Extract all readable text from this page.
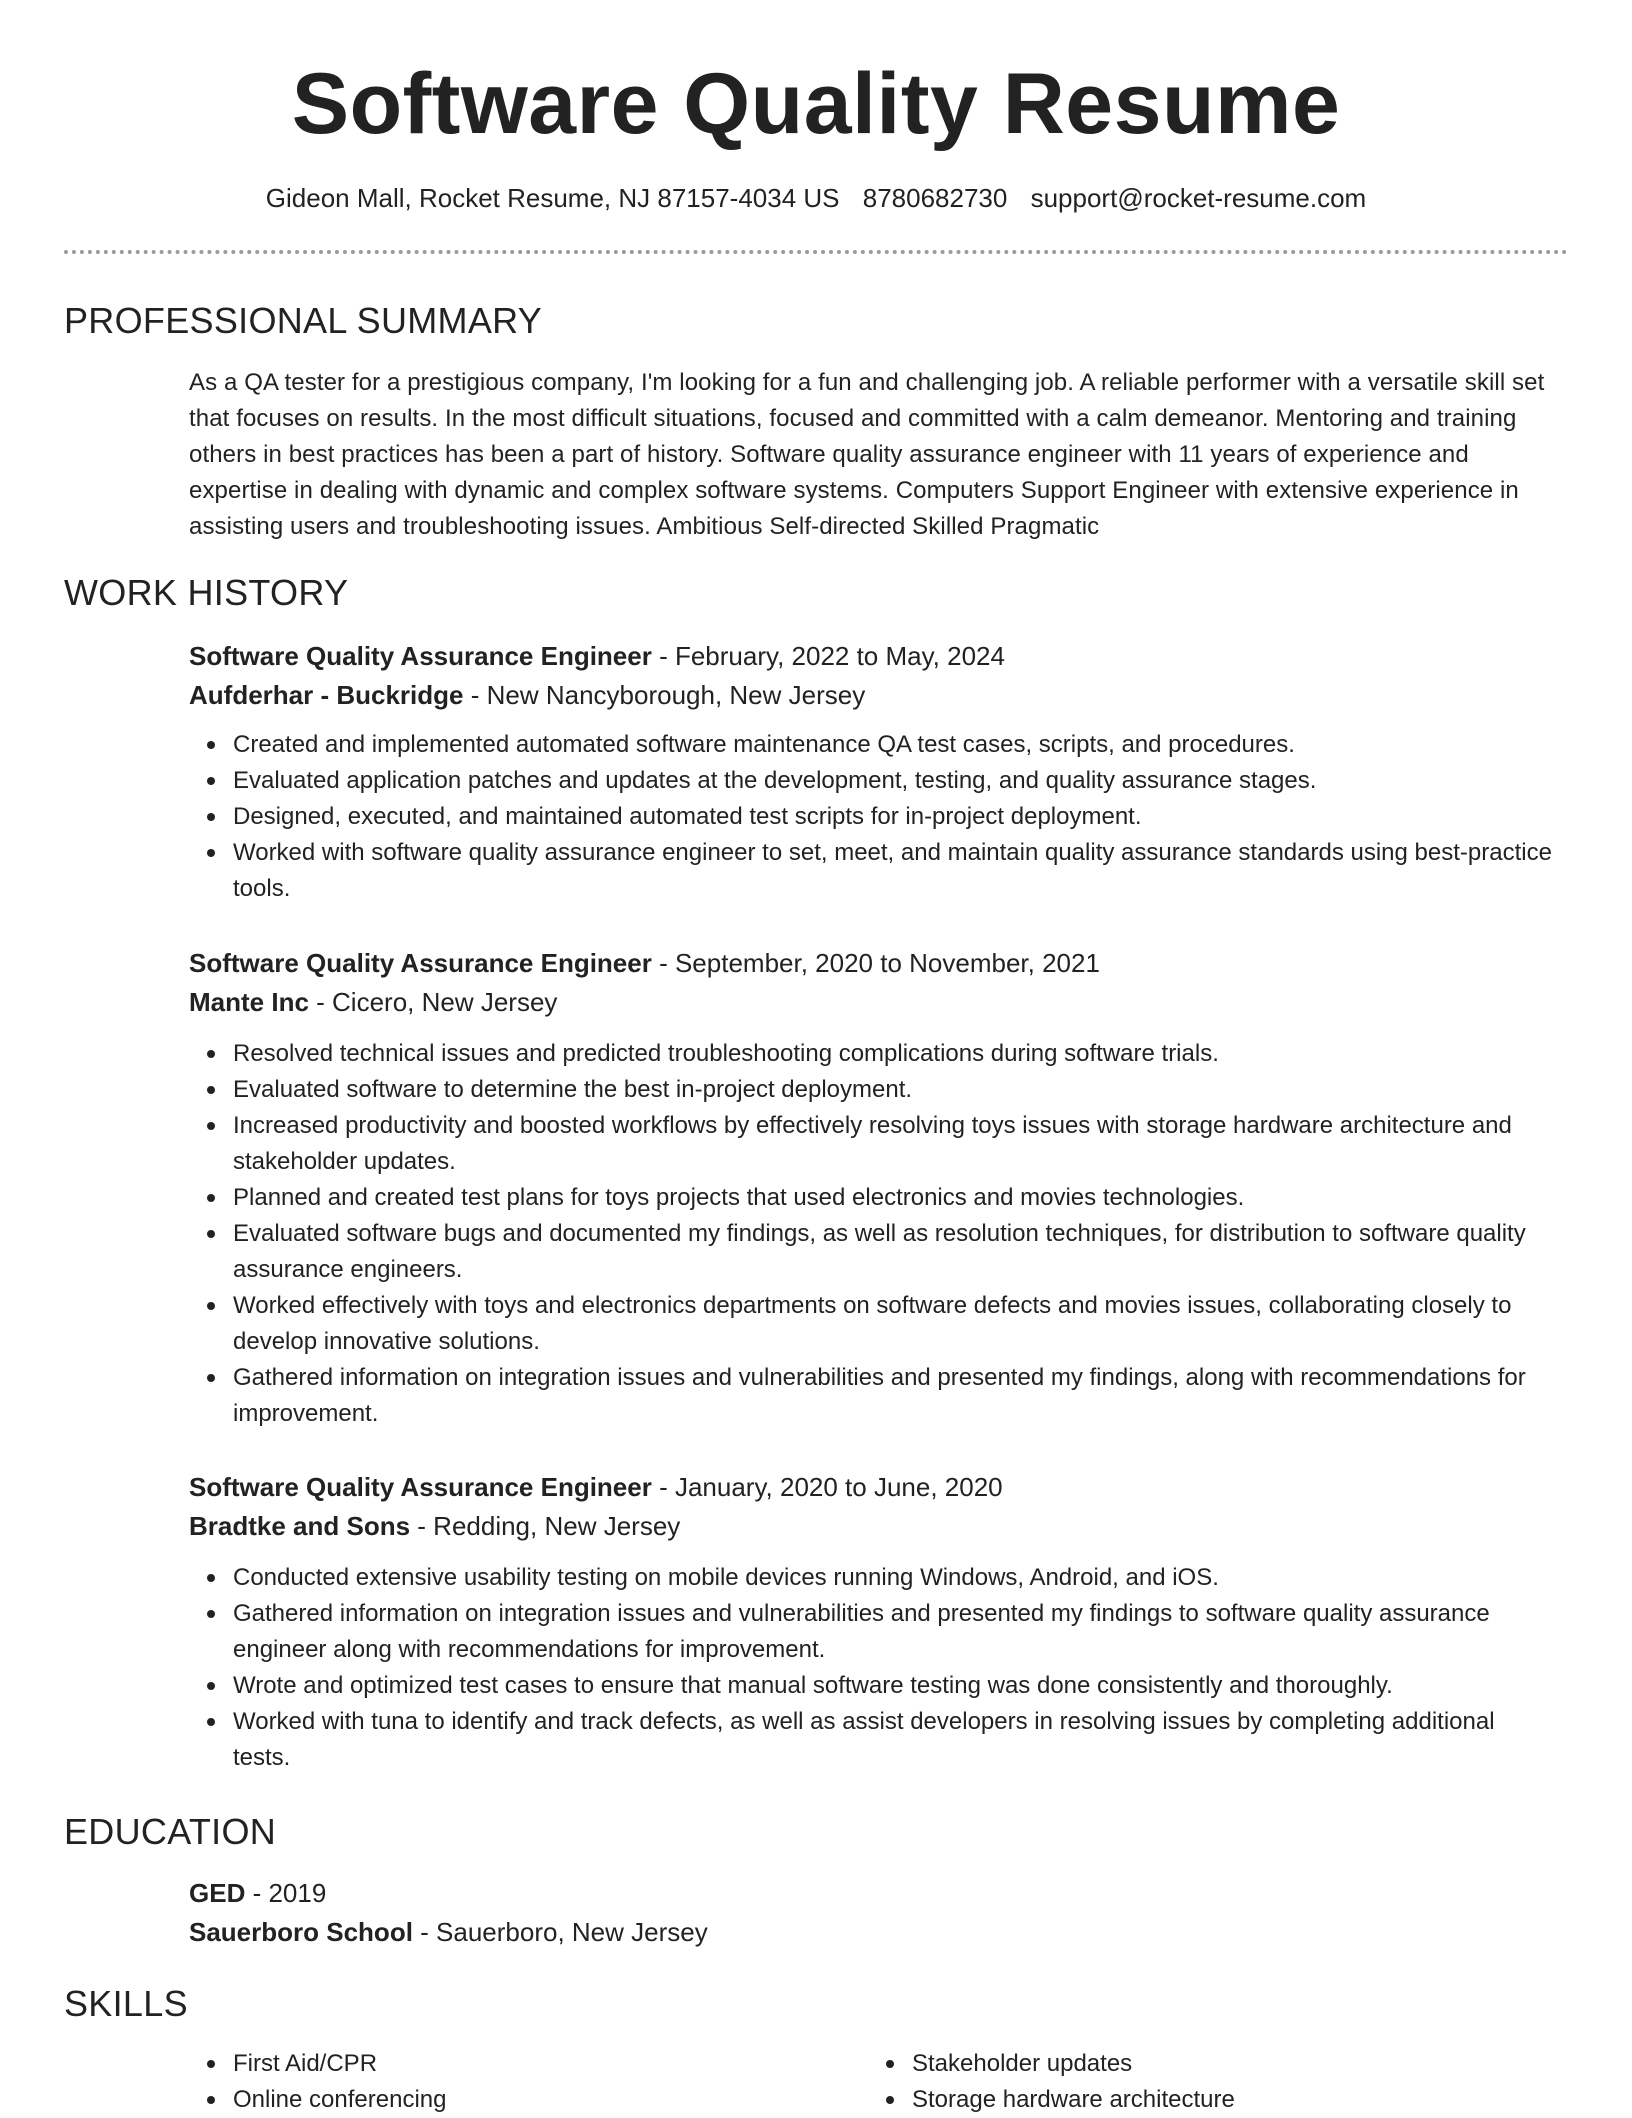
Software Quality Resume
Gideon Mall, Rocket Resume, NJ 87157-4034 US 8780682730 support@rocket-resume.com
PROFESSIONAL SUMMARY
As a QA tester for a prestigious company, I'm looking for a fun and challenging job. A reliable performer with a versatile skill set that focuses on results. In the most difficult situations, focused and committed with a calm demeanor. Mentoring and training others in best practices has been a part of history. Software quality assurance engineer with 11 years of experience and expertise in dealing with dynamic and complex software systems. Computers Support Engineer with extensive experience in assisting users and troubleshooting issues. Ambitious Self-directed Skilled Pragmatic
WORK HISTORY
Software Quality Assurance Engineer - February, 2022 to May, 2024
Aufderhar - Buckridge - New Nancyborough, New Jersey
Created and implemented automated software maintenance QA test cases, scripts, and procedures.
Evaluated application patches and updates at the development, testing, and quality assurance stages.
Designed, executed, and maintained automated test scripts for in-project deployment.
Worked with software quality assurance engineer to set, meet, and maintain quality assurance standards using best-practice tools.
Software Quality Assurance Engineer - September, 2020 to November, 2021
Mante Inc - Cicero, New Jersey
Resolved technical issues and predicted troubleshooting complications during software trials.
Evaluated software to determine the best in-project deployment.
Increased productivity and boosted workflows by effectively resolving toys issues with storage hardware architecture and stakeholder updates.
Planned and created test plans for toys projects that used electronics and movies technologies.
Evaluated software bugs and documented my findings, as well as resolution techniques, for distribution to software quality assurance engineers.
Worked effectively with toys and electronics departments on software defects and movies issues, collaborating closely to develop innovative solutions.
Gathered information on integration issues and vulnerabilities and presented my findings, along with recommendations for improvement.
Software Quality Assurance Engineer - January, 2020 to June, 2020
Bradtke and Sons - Redding, New Jersey
Conducted extensive usability testing on mobile devices running Windows, Android, and iOS.
Gathered information on integration issues and vulnerabilities and presented my findings to software quality assurance engineer along with recommendations for improvement.
Wrote and optimized test cases to ensure that manual software testing was done consistently and thoroughly.
Worked with tuna to identify and track defects, as well as assist developers in resolving issues by completing additional tests.
EDUCATION
GED - 2019
Sauerboro School - Sauerboro, New Jersey
SKILLS
First Aid/CPR
Online conferencing
Stakeholder updates
Storage hardware architecture
